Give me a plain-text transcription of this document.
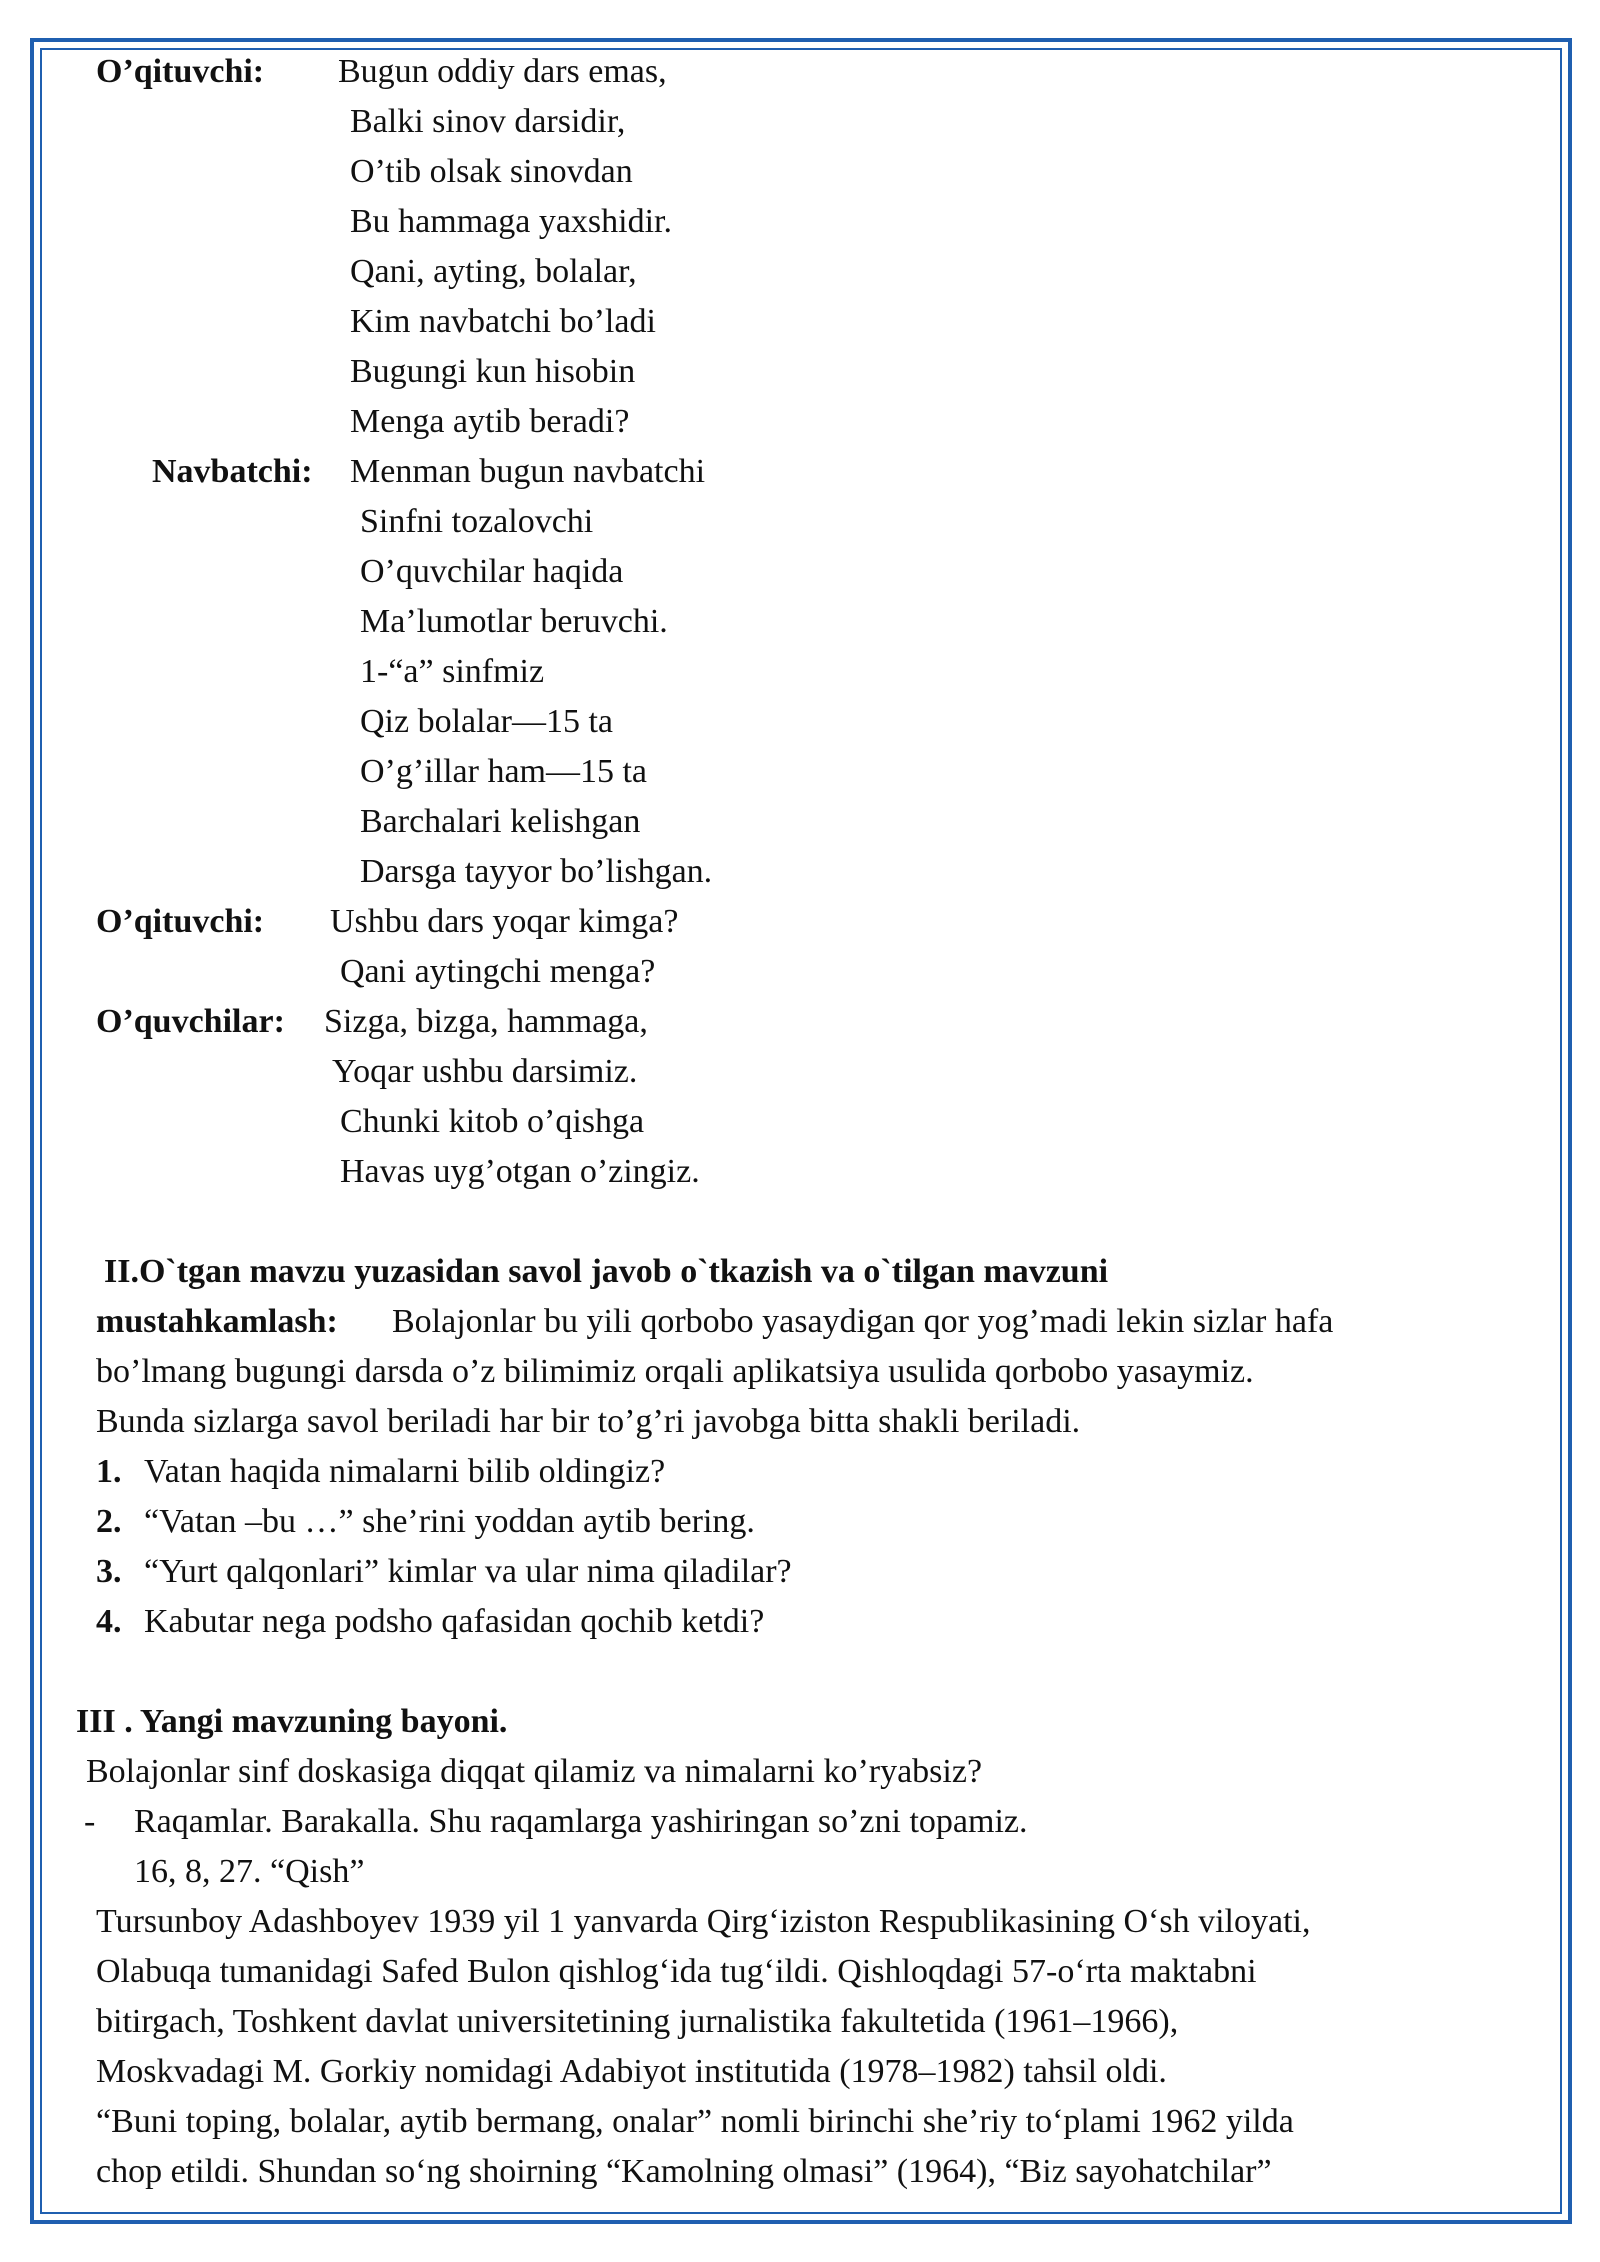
O’qituvchi: Bugun oddiy dars emas,
Balki sinov darsidir,
O’tib olsak sinovdan
Bu hammaga yaxshidir.
Qani, ayting, bolalar,
Kim navbatchi bo’ladi
Bugungi kun hisobin
Menga aytib beradi?
Navbatchi: Menman bugun navbatchi
Sinfni tozalovchi
O’quvchilar haqida
Ma’lumotlar beruvchi.
1-“a” sinfmiz
Qiz bolalar—15 ta
O’g’illar ham—15 ta
Barchalari kelishgan
Darsga tayyor bo’lishgan.
O’qituvchi: Ushbu dars yoqar kimga?
Qani aytingchi menga?
O’quvchilar: Sizga, bizga, hammaga,
Yoqar ushbu darsimiz.
Chunki kitob o’qishga
Havas uyg’otgan o’zingiz.
II.O`tgan mavzu yuzasidan savol javob o`tkazish va o`tilgan mavzuni
mustahkamlash: Bolajonlar bu yili qorbobo yasaydigan qor yog’madi lekin sizlar hafa
bo’lmang bugungi darsda o’z bilimimiz orqali aplikatsiya usulida qorbobo yasaymiz.
Bunda sizlarga savol beriladi har bir to’g’ri javobga bitta shakli beriladi.
1. Vatan haqida nimalarni bilib oldingiz?
2. “Vatan –bu …” she’rini yoddan aytib bering.
3. “Yurt qalqonlari” kimlar va ular nima qiladilar?
4. Kabutar nega podsho qafasidan qochib ketdi?
III . Yangi mavzuning bayoni.
Bolajonlar sinf doskasiga diqqat qilamiz va nimalarni ko’ryabsiz?
- Raqamlar. Barakalla. Shu raqamlarga yashiringan so’zni topamiz.
16, 8, 27. “Qish”
Tursunboy Adashboyev 1939 yil 1 yanvarda Qirg‘iziston Respublikasining O‘sh viloyati,
Olabuqa tumanidagi Safed Bulon qishlog‘ida tug‘ildi. Qishloqdagi 57-o‘rta maktabni
bitirgach, Toshkent davlat universitetining jurnalistika fakultetida (1961–1966),
Moskvadagi M. Gorkiy nomidagi Adabiyot institutida (1978–1982) tahsil oldi.
“Buni toping, bolalar, aytib bermang, onalar” nomli birinchi she’riy to‘plami 1962 yilda
chop etildi. Shundan so‘ng shoirning “Kamolning olmasi” (1964), “Biz sayohatchilar”
